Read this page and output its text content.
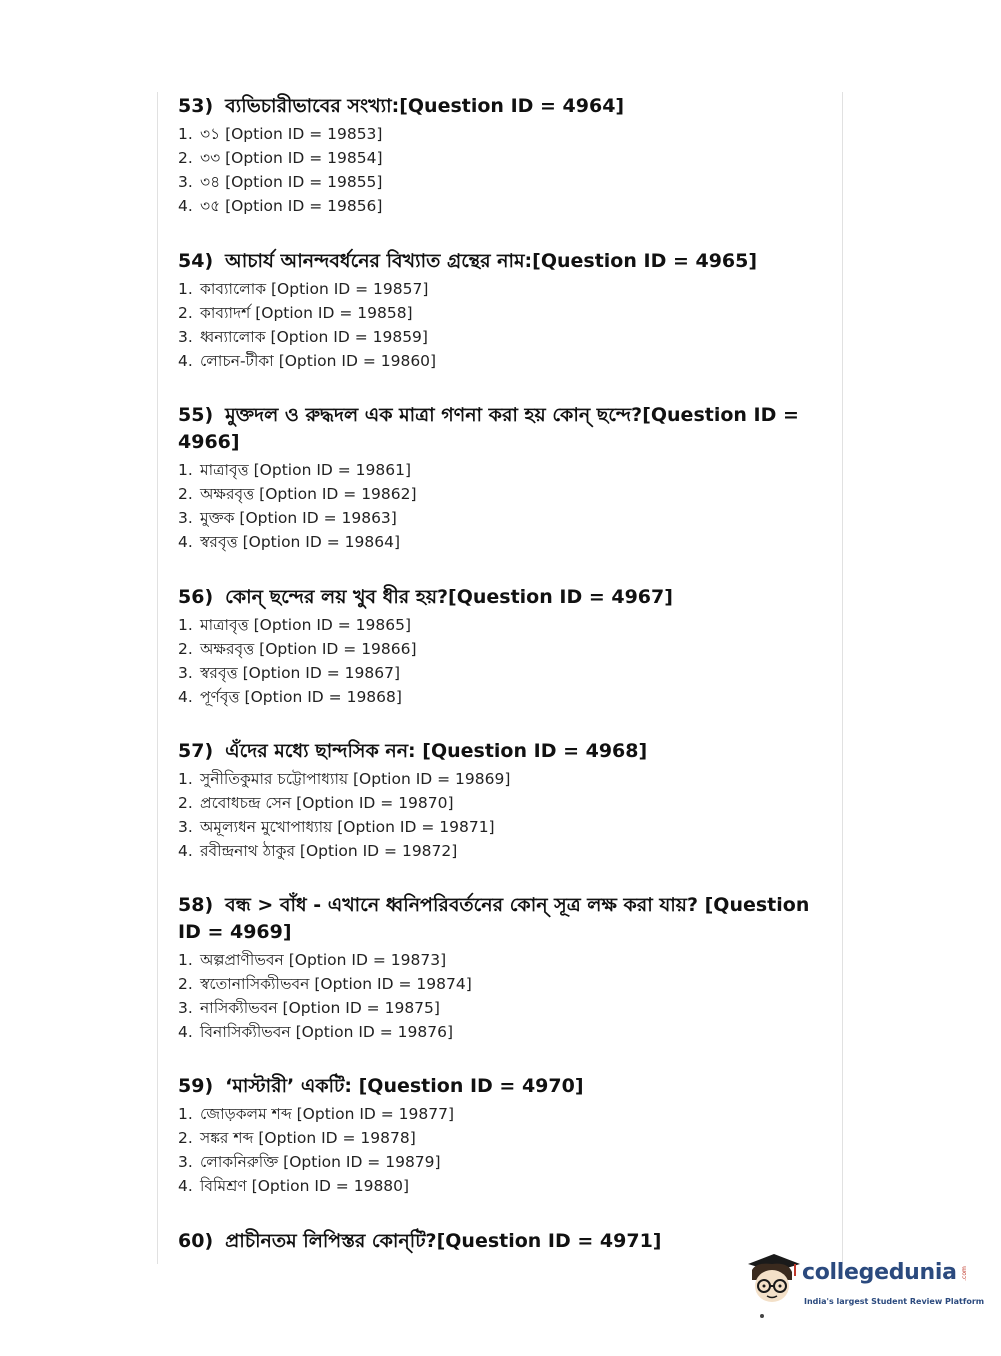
53) ব্যভিচারীভাবের সংখ্যা:[Question ID = 4964]
1. ৩১ [Option ID = 19853]
2. ৩৩ [Option ID = 19854]
3. ৩৪ [Option ID = 19855]
4. ৩৫ [Option ID = 19856]
54) আচার্য আনন্দবর্ধনের বিখ্যাত গ্রন্থের নাম:[Question ID = 4965]
1. কাব্যালোক [Option ID = 19857]
2. কাব্যাদর্শ [Option ID = 19858]
3. ধ্বন্যালোক [Option ID = 19859]
4. লোচন-টীকা [Option ID = 19860]
55) মুক্তদল ও রুদ্ধদল এক মাত্রা গণনা করা হয় কোন্‌ ছন্দে?[Question ID = 4966]
1. মাত্রাবৃত্ত [Option ID = 19861]
2. অক্ষরবৃত্ত [Option ID = 19862]
3. মুক্তক [Option ID = 19863]
4. স্বরবৃত্ত [Option ID = 19864]
56) কোন্‌ ছন্দের লয় খুব ধীর হয়?[Question ID = 4967]
1. মাত্রাবৃত্ত [Option ID = 19865]
2. অক্ষরবৃত্ত [Option ID = 19866]
3. স্বরবৃত্ত [Option ID = 19867]
4. পূর্ণবৃত্ত [Option ID = 19868]
57) এঁদের মধ্যে ছান্দসিক নন: [Question ID = 4968]
1. সুনীতিকুমার চট্টোপাধ্যায় [Option ID = 19869]
2. প্রবোধচন্দ্র সেন [Option ID = 19870]
3. অমূল্যধন মুখোপাধ্যায় [Option ID = 19871]
4. রবীন্দ্রনাথ ঠাকুর [Option ID = 19872]
58) বন্ধ > বাঁধ - এখানে ধ্বনিপরিবর্তনের কোন্‌ সূত্র লক্ষ করা যায়? [Question ID = 4969]
1. অল্পপ্রাণীভবন [Option ID = 19873]
2. স্বতোনাসিক্যীভবন [Option ID = 19874]
3. নাসিক্যীভবন [Option ID = 19875]
4. বিনাসিক্যীভবন [Option ID = 19876]
59) ‘মাস্টারী’ একটি: [Question ID = 4970]
1. জোড়কলম শব্দ [Option ID = 19877]
2. সঙ্কর শব্দ [Option ID = 19878]
3. লোকনিরুক্তি [Option ID = 19879]
4. বিমিশ্রণ [Option ID = 19880]
60) প্রাচীনতম লিপিস্তর কোন্‌টি?[Question ID = 4971]
collegedunia .com
India's largest Student Review Platform
